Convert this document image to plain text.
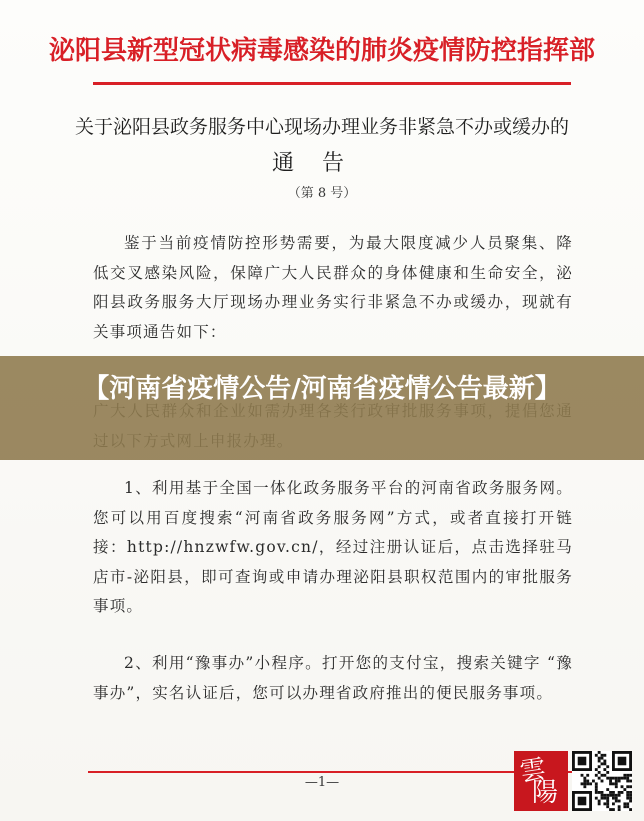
泌阳县新型冠状病毒感染的肺炎疫情防控指挥部
关于泌阳县政务服务中心现场办理业务非紧急不办或缓办的
通告
（第 8 号）
鉴于当前疫情防控形势需要，为最大限度减少人员聚集、降低交叉感染风险，保障广大人民群众的身体健康和生命安全，泌阳县政务服务大厅现场办理业务实行非紧急不办或缓办，现就有关事项通告如下：
1、利用基于全国一体化政务服务平台的河南省政务服务网。您可以用百度搜索“河南省政务服务网”方式，或者直接打开链接：http://hnzwfw.gov.cn/，经过注册认证后，点击选择驻马店市-泌阳县，即可查询或申请办理泌阳县职权范围内的审批服务事项。
2、利用“豫事办”小程序。打开您的支付宝，搜索关键字 “豫事办”，实名认证后，您可以办理省政府推出的便民服务事项。
—1—	雲
陽
【河南省疫情公告/河南省疫情公告最新】
